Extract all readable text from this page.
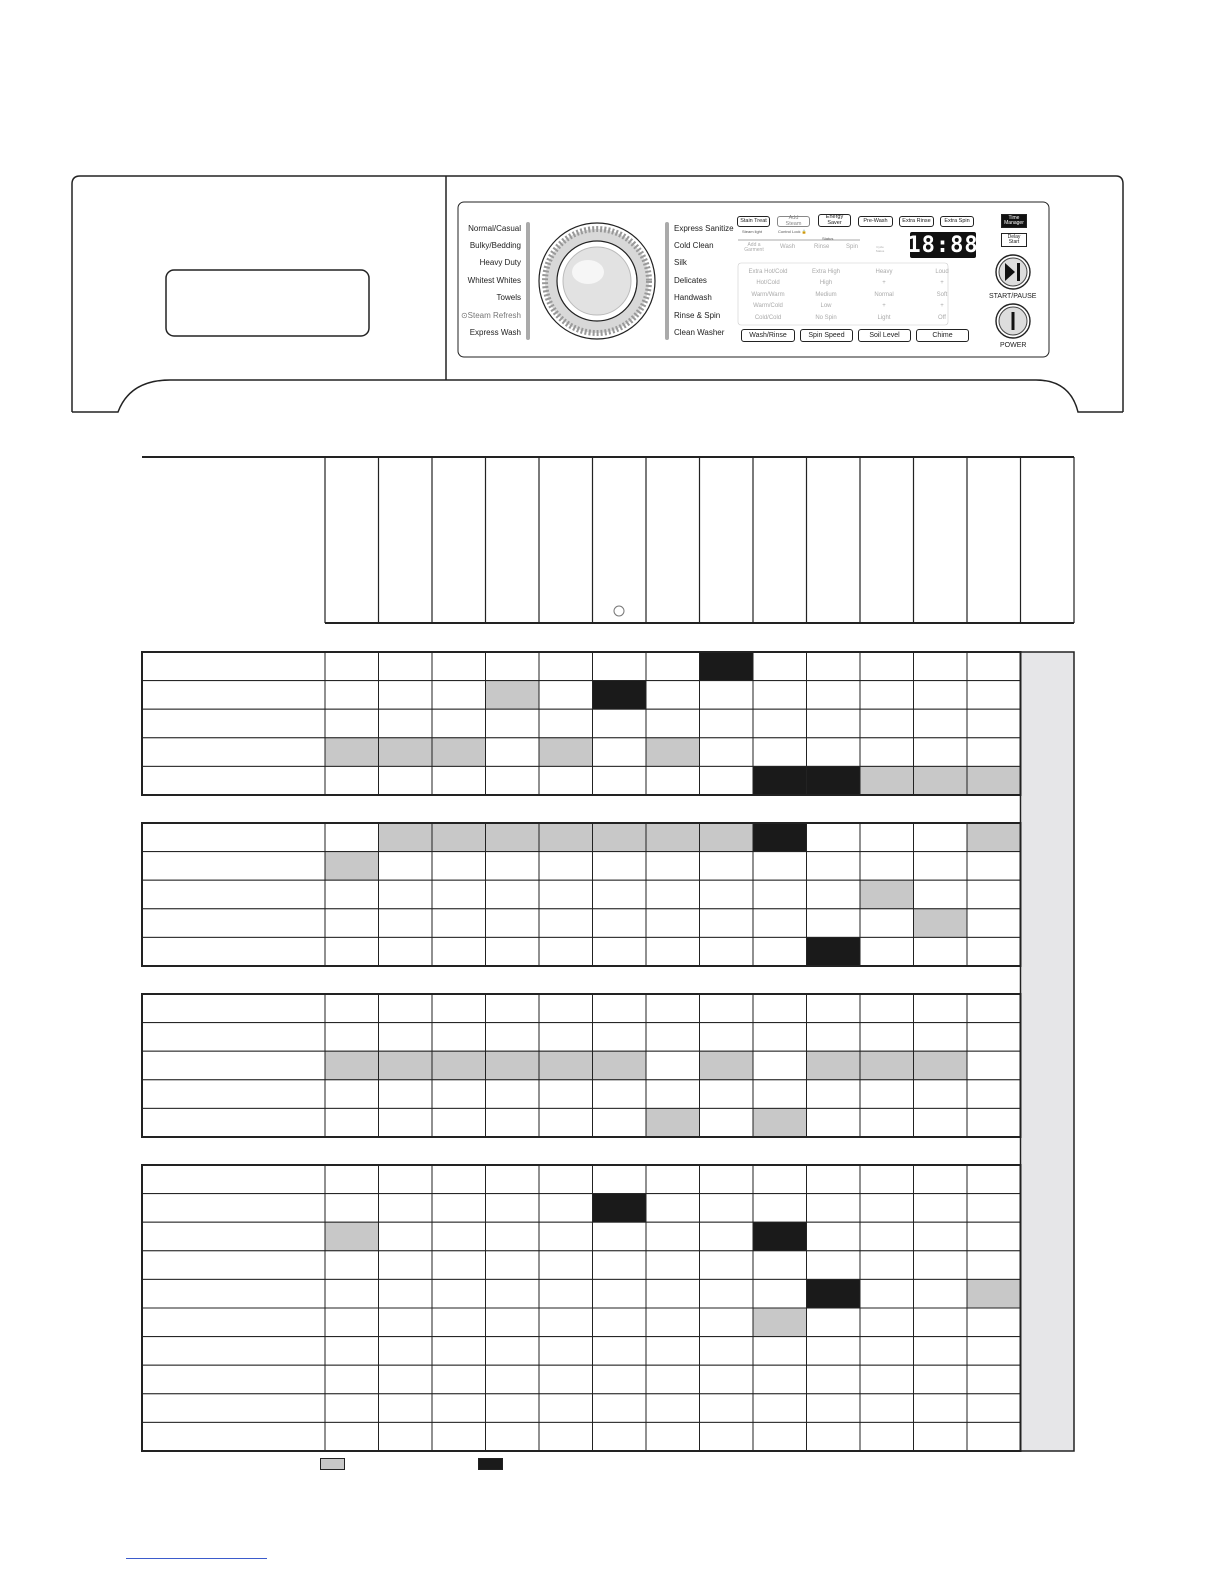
Normal/Casual
Bulky/Bedding
Heavy Duty
Whitest Whites
Towels
⊙Steam Refresh
Express Wash
Express Sanitize
Cold Clean
Silk
Delicates
Handwash
Rinse & Spin
Clean Washer
Stain Treat
Steam light
Add Steam
Control Lock 🔒
Energy Saver	Pre-Wash	Extra Rinse	Extra Spin
Status
Add a Garment	Wash	Rinse	Spin	Cycle Status 18:88
Extra Hot/Cold
Hot/Cold
Warm/Warm
Warm/Cold
Cold/Cold
Extra High
High
Medium
Low
No Spin
Heavy
+
Normal
+
Light
Loud
+
Soft
+
Off
Wash/Rinse	Spin Speed	Soil Level	Chime
Time Manager
Delay Start
START/PAUSE
POWER
